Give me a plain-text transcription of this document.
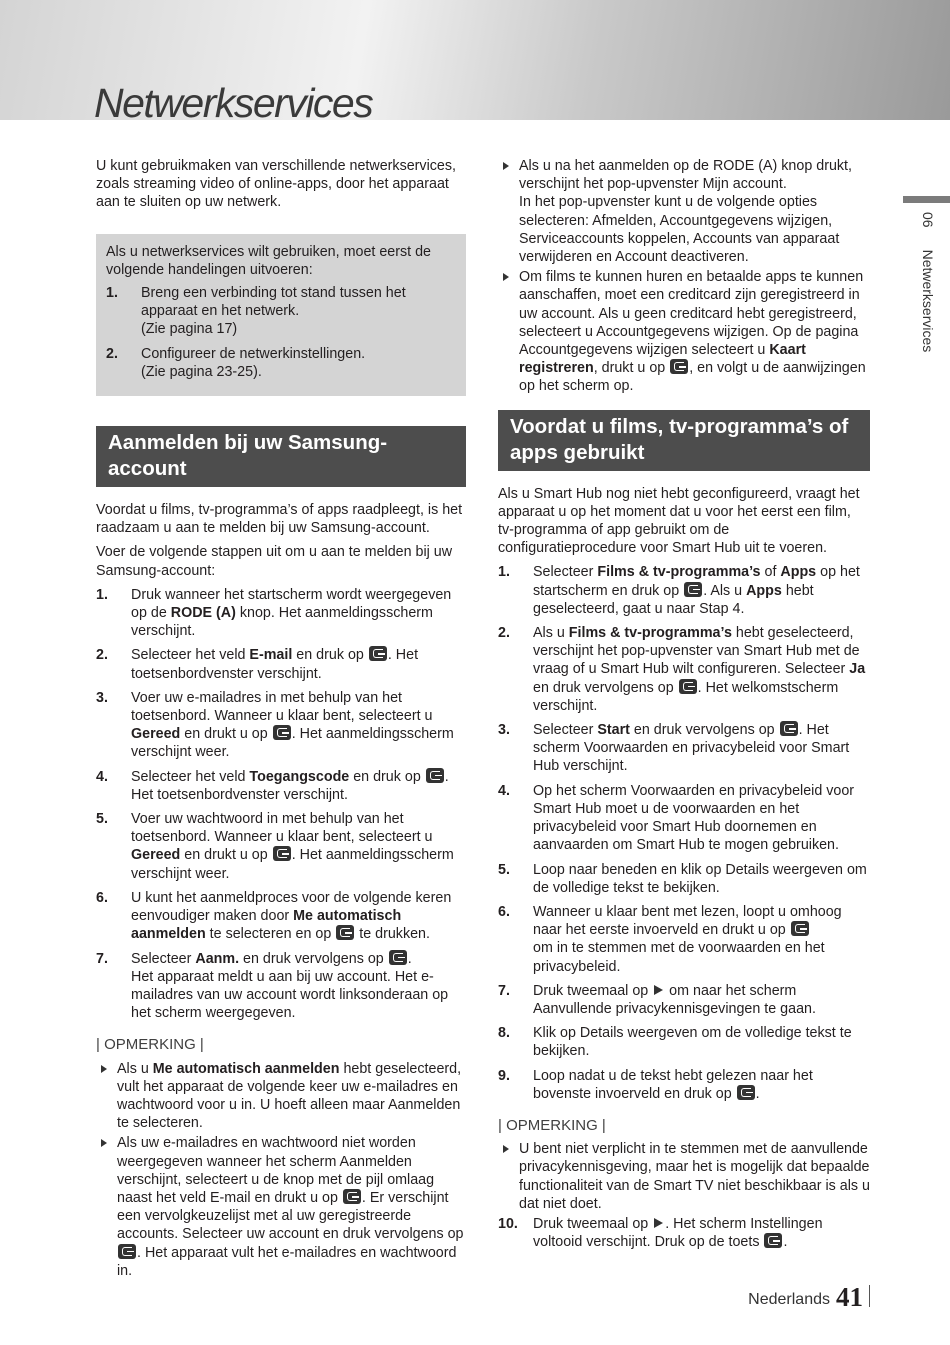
Netwerkservices
06Netwerkservices

U kunt gebruikmaken van verschillende netwerkservices, zoals streaming video of online-apps, door het apparaat aan te sluiten op uw netwerk.

Als u netwerkservices wilt gebruiken, moet eerst de volgende handelingen uitvoeren:

1. Breng een verbinding tot stand tussen het apparaat en het netwerk.
(Zie pagina 17)
2. Configureer de netwerkinstellingen.
(Zie pagina 23-25).
Aanmelden bij uw Samsung-account

Voordat u films, tv-programma’s of apps raadpleegt, is het raadzaam u aan te melden bij uw Samsung-account.

Voer de volgende stappen uit om u aan te melden bij uw Samsung-account:

1. Druk wanneer het startscherm wordt weergegeven op de RODE (A) knop. Het aanmeldingsscherm verschijnt.
2. Selecteer het veld E-mail en druk op . Het toetsenbordvenster verschijnt.
3. Voer uw e-mailadres in met behulp van het toetsenbord. Wanneer u klaar bent, selecteert u Gereed en drukt u op . Het aanmeldingsscherm verschijnt weer.
4. Selecteer het veld Toegangscode en druk op . Het toetsenbordvenster verschijnt.
5. Voer uw wachtwoord in met behulp van het toetsenbord. Wanneer u klaar bent, selecteert u Gereed en drukt u op . Het aanmeldingsscherm verschijnt weer.
6. U kunt het aanmeldproces voor de volgende keren eenvoudiger maken door Me automatisch aanmelden te selecteren en op  te drukken.
7. Selecteer Aanm. en druk vervolgens op .
Het apparaat meldt u aan bij uw account. Het e-mailadres van uw account wordt linksonderaan op het scherm weergegeven.
| OPMERKING |
Als u Me automatisch aanmelden hebt geselecteerd, vult het apparaat de volgende keer uw e-mailadres en wachtwoord voor u in. U hoeft alleen maar Aanmelden te selecteren.
Als uw e-mailadres en wachtwoord niet worden weergegeven wanneer het scherm Aanmelden verschijnt, selecteert u de knop met de pijl omlaag naast het veld E-mail en drukt u op . Er verschijnt een vervolgkeuzelijst met al uw geregistreerde accounts. Selecteer uw account en druk vervolgens op . Het apparaat vult het e-mailadres en wachtwoord in.
Als u na het aanmelden op de RODE (A) knop drukt, verschijnt het pop-upvenster Mijn account.
In het pop-upvenster kunt u de volgende opties selecteren: Afmelden, Accountgegevens wijzigen, Serviceaccounts koppelen, Accounts van apparaat verwijderen en Account deactiveren.
Om films te kunnen huren en betaalde apps te kunnen aanschaffen, moet een creditcard zijn geregistreerd in uw account. Als u geen creditcard hebt geregistreerd, selecteert u Accountgegevens wijzigen. Op de pagina Accountgegevens wijzigen selecteert u Kaart registreren, drukt u op , en volgt u de aanwijzingen op het scherm op.
Voordat u films, tv-programma’s of apps gebruikt

Als u Smart Hub nog niet hebt geconfigureerd, vraagt het apparaat u op het moment dat u voor het eerst een film, tv-programma of app gebruikt om de configuratieprocedure voor Smart Hub uit te voeren.

1. Selecteer Films & tv-programma’s of Apps op het startscherm en druk op . Als u Apps hebt geselecteerd, gaat u naar Stap 4.
2. Als u Films & tv-programma’s hebt geselecteerd, verschijnt het pop-upvenster van Smart Hub met de vraag of u Smart Hub wilt configureren. Selecteer Ja en druk vervolgens op . Het welkomstscherm verschijnt.
3. Selecteer Start en druk vervolgens op . Het scherm Voorwaarden en privacybeleid voor Smart Hub verschijnt.
4. Op het scherm Voorwaarden en privacybeleid voor Smart Hub moet u de voorwaarden en het privacybeleid voor Smart Hub doornemen en aanvaarden om Smart Hub te mogen gebruiken.
5. Loop naar beneden en klik op Details weergeven om de volledige tekst te bekijken.
6. Wanneer u klaar bent met lezen, loopt u omhoog naar het eerste invoerveld en drukt u op
om in te stemmen met de voorwaarden en het privacybeleid.
7. Druk tweemaal op  om naar het scherm Aanvullende privacykennisgevingen te gaan.
8. Klik op Details weergeven om de volledige tekst te bekijken.
9. Loop nadat u de tekst hebt gelezen naar het bovenste invoerveld en druk op .
| OPMERKING |
U bent niet verplicht in te stemmen met de aanvullende privacykennisgeving, maar het is mogelijk dat bepaalde functionaliteit van de Smart TV niet beschikbaar is als u dat niet doet.
10. Druk tweemaal op . Het scherm Instellingen voltooid verschijnt. Druk op de toets .
Nederlands 41
